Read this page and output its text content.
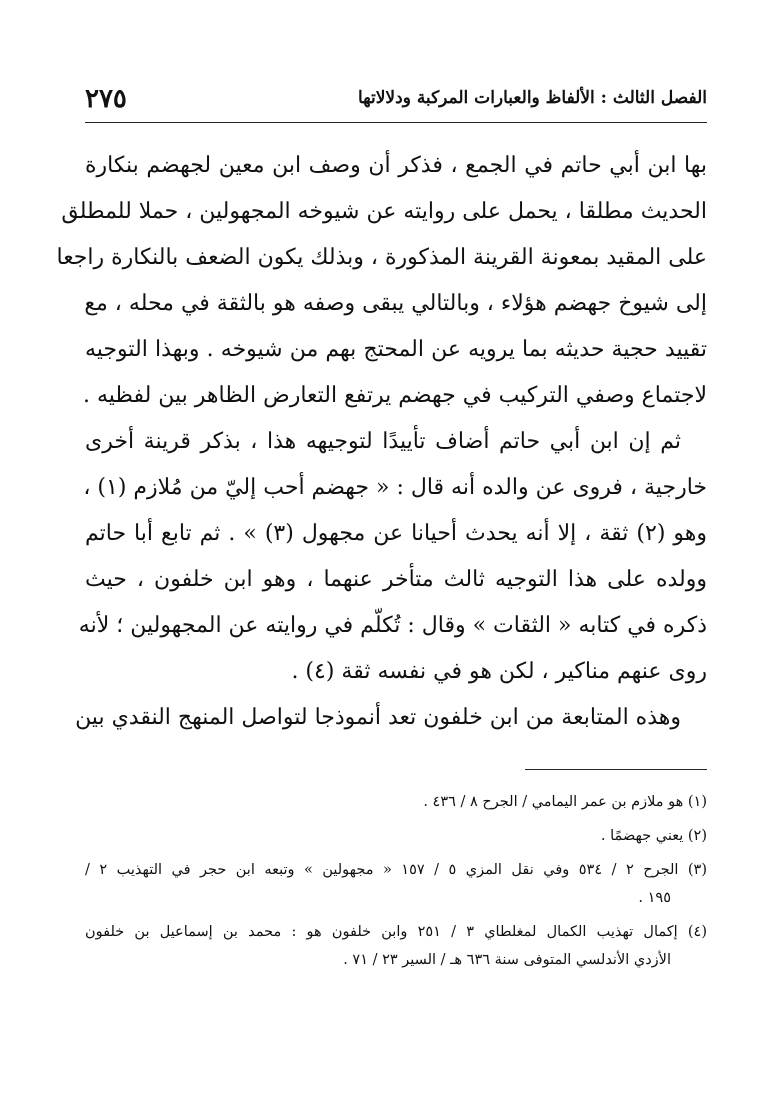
الفصل الثالث : الألفاظ والعبارات المركبة ودلالاتها
٢٧٥
بها ابن أبي حاتم في الجمع ، فذكر أن وصف ابن معين لجهضم بنكارة
الحديث مطلقا ، يحمل على روايته عن شيوخه المجهولين ، حملا للمطلق
على المقيد بمعونة القرينة المذكورة ، وبذلك يكون الضعف بالنكارة راجعا
إلى شيوخ جهضم هؤلاء ، وبالتالي يبقى وصفه هو بالثقة في محله ، مع
تقييد حجية حديثه بما يرويه عن المحتج بهم من شيوخه . وبهذا التوجيه
لاجتماع وصفي التركيب في جهضم يرتفع التعارض الظاهر بين لفظيه .
ثم إن ابن أبي حاتم أضاف تأييدًا لتوجيهه هذا ، بذكر قرينة أخرى
خارجية ، فروى عن والده أنه قال : « جهضم أحب إليّ من مُلازم (١) ،
وهو (٢) ثقة ، إلا أنه يحدث أحيانا عن مجهول (٣) » . ثم تابع أبا حاتم
وولده على هذا التوجيه ثالث متأخر عنهما ، وهو ابن خلفون ، حيث
ذكره في كتابه « الثقات » وقال : تُكلّم في روايته عن المجهولين ؛ لأنه
روى عنهم مناكير ، لكن هو في نفسه ثقة (٤) .
وهذه المتابعة من ابن خلفون تعد أنموذجا لتواصل المنهج النقدي بين
(١) هو ملازم بن عمر اليمامي / الجرح ٨ / ٤٣٦ .
(٢) يعني جهضمًا .
(٣) الجرح ٢ / ٥٣٤ وفي نقل المزي ٥ / ١٥٧ « مجهولين » وتبعه ابن حجر في التهذيب ٢ /
١٩٥ .
(٤) إكمال تهذيب الكمال لمغلطاي ٣ / ٢٥١ وابن خلفون هو : محمد بن إسماعيل بن خلفون
الأزدي الأندلسي المتوفى سنة ٦٣٦ هـ / السير ٢٣ / ٧١ .
